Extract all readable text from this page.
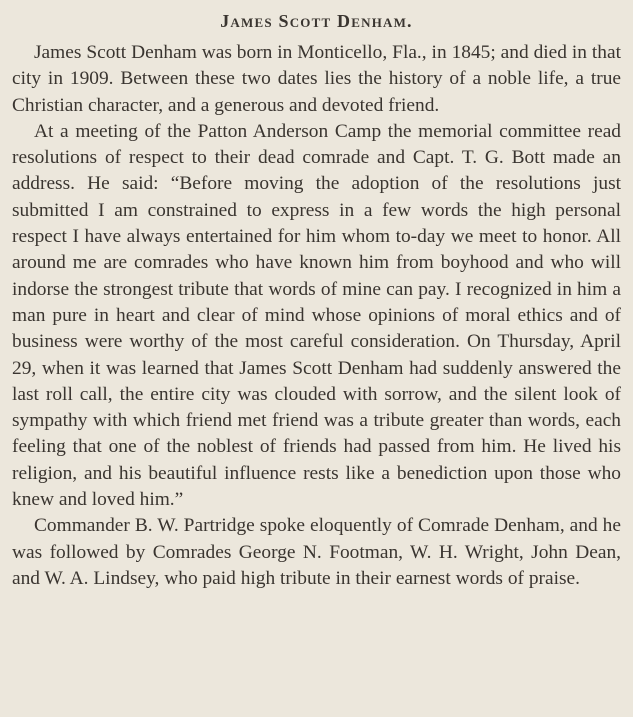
James Scott Denham.

James Scott Denham was born in Monticello, Fla., in 1845; and died in that city in 1909. Between these two dates lies the history of a noble life, a true Christian character, and a generous and devoted friend.

At a meeting of the Patton Anderson Camp the memorial committee read resolutions of respect to their dead comrade and Capt. T. G. Bott made an address. He said: “Before moving the adoption of the resolutions just submitted I am constrained to express in a few words the high personal respect I have always entertained for him whom to-day we meet to honor. All around me are comrades who have known him from boyhood and who will indorse the strongest tribute that words of mine can pay. I recognized in him a man pure in heart and clear of mind whose opinions of moral ethics and of business were worthy of the most careful consideration. On Thursday, April 29, when it was learned that James Scott Denham had suddenly answered the last roll call, the entire city was clouded with sorrow, and the silent look of sympathy with which friend met friend was a tribute greater than words, each feeling that one of the noblest of friends had passed from him. He lived his religion, and his beautiful influence rests like a benediction upon those who knew and loved him.”

Commander B. W. Partridge spoke eloquently of Comrade Denham, and he was followed by Comrades George N. Footman, W. H. Wright, John Dean, and W. A. Lindsey, who paid high tribute in their earnest words of praise.
